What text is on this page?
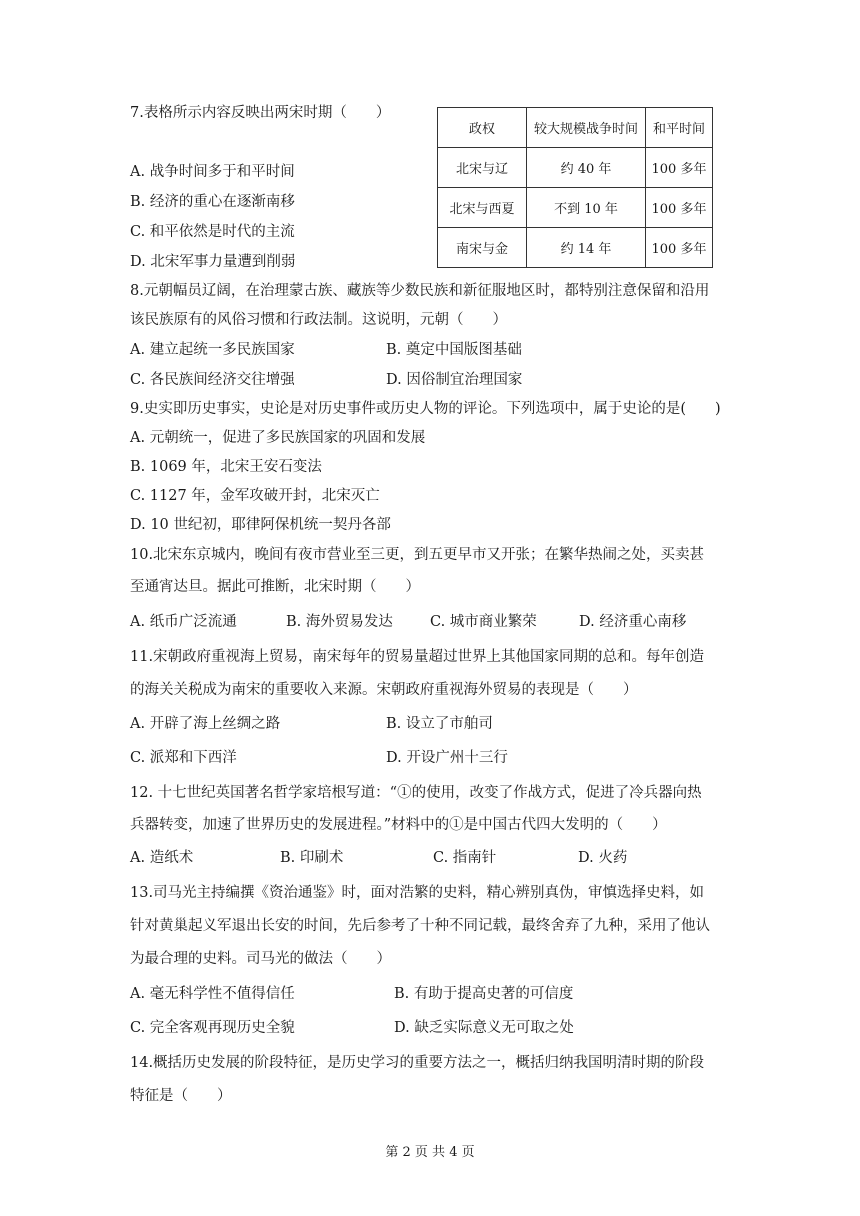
7.表格所示内容反映出两宋时期（　　）
A. 战争时间多于和平时间
B. 经济的重心在逐渐南移
C. 和平依然是时代的主流
D. 北宋军事力量遭到削弱
政权	较大规模战争时间	和平时间
北宋与辽	约 40 年	100 多年
北宋与西夏	不到 10 年	100 多年
南宋与金	约 14 年	100 多年
8.元朝幅员辽阔，在治理蒙古族、藏族等少数民族和新征服地区时，都特别注意保留和沿用
该民族原有的风俗习惯和行政法制。这说明，元朝（　　）
A. 建立起统一多民族国家	B. 奠定中国版图基础
C. 各民族间经济交往增强	D. 因俗制宜治理国家
9.史实即历史事实，史论是对历史事件或历史人物的评论。下列选项中，属于史论的是(　　)
A. 元朝统一，促进了多民族国家的巩固和发展
B. 1069 年，北宋王安石变法
C. 1127 年，金军攻破开封，北宋灭亡
D. 10 世纪初，耶律阿保机统一契丹各部
10.北宋东京城内，晚间有夜市营业至三更，到五更早市又开张；在繁华热闹之处，买卖甚
至通宵达旦。据此可推断，北宋时期（　　）
A. 纸币广泛流通	B. 海外贸易发达	C. 城市商业繁荣	D. 经济重心南移
11.宋朝政府重视海上贸易，南宋每年的贸易量超过世界上其他国家同期的总和。每年创造
的海关关税成为南宋的重要收入来源。宋朝政府重视海外贸易的表现是（　　）
A. 开辟了海上丝绸之路	B. 设立了市舶司
C. 派郑和下西洋	D. 开设广州十三行
12. 十七世纪英国著名哲学家培根写道：“①的使用，改变了作战方式，促进了冷兵器向热
兵器转变，加速了世界历史的发展进程。”材料中的①是中国古代四大发明的（　　）
A. 造纸术	B. 印刷术	C. 指南针	D. 火药
13.司马光主持编撰《资治通鉴》时，面对浩繁的史料，精心辨别真伪，审慎选择史料，如
针对黄巢起义军退出长安的时间，先后参考了十种不同记载，最终舍弃了九种，采用了他认
为最合理的史料。司马光的做法（　　）
A. 毫无科学性不值得信任	B. 有助于提高史著的可信度
C. 完全客观再现历史全貌	D. 缺乏实际意义无可取之处
14.概括历史发展的阶段特征，是历史学习的重要方法之一，概括归纳我国明清时期的阶段
特征是（　　）
第 2 页 共 4 页
